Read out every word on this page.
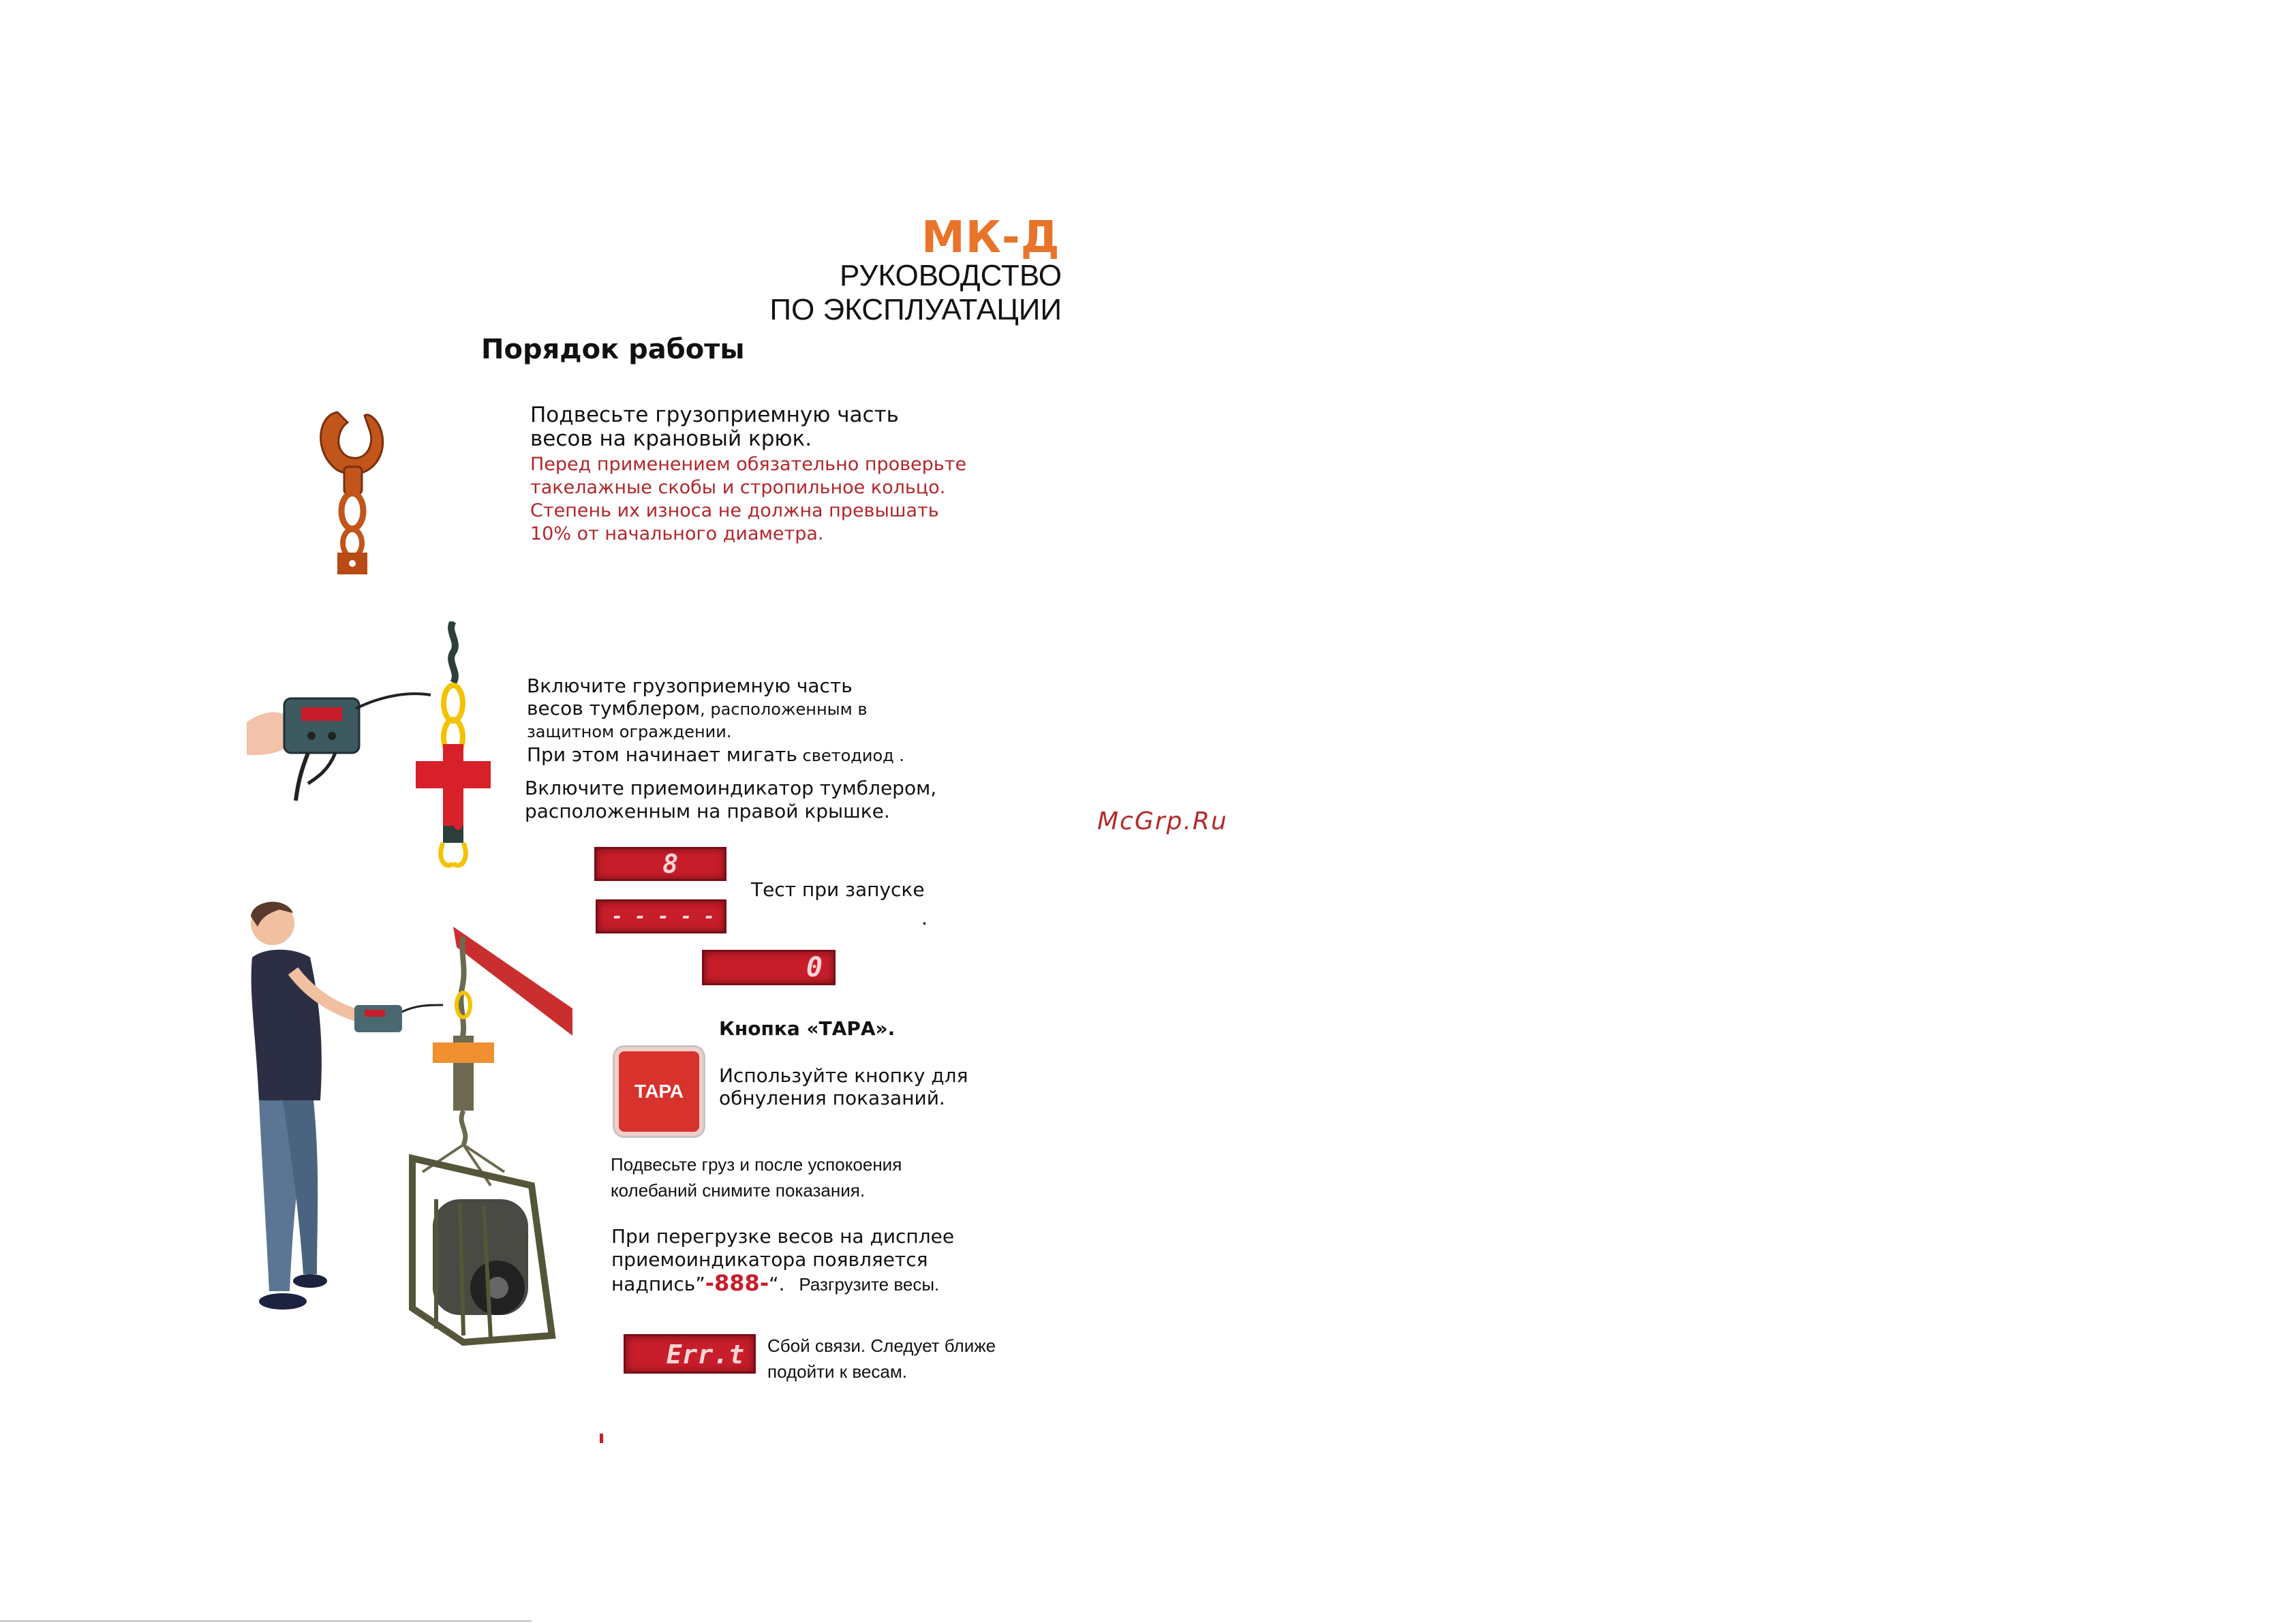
МК-Д
РУКОВОДСТВО
ПО ЭКСПЛУАТАЦИИ
Порядок работы
Подвесьте грузоприемную часть
весов на крановый крюк.
Перед применением обязательно проверьте
такелажные скобы и стропильное кольцо.
Степень их износа не должна превышать
10% от начального диаметра.
Включите грузоприемную часть
весов тумблером, расположенным в
защитном ограждении.
При этом начинает мигать светодиод .
Включите приемоиндикатор тумблером,
расположенным на правой крышке.
8
- - - - -
0
Тест при запуске
.
ТАРА
Кнопка «ТАРА».
Используйте кнопку для
обнуления показаний.
Подвесьте груз и после успокоения
колебаний снимите показания.
При перегрузке весов на дисплее
приемоиндикатора появляется
надпись”-888-“. Разгрузите весы.
Err.t	Сбой связи. Следует ближе
подойти к весам.
McGrp.Ru
